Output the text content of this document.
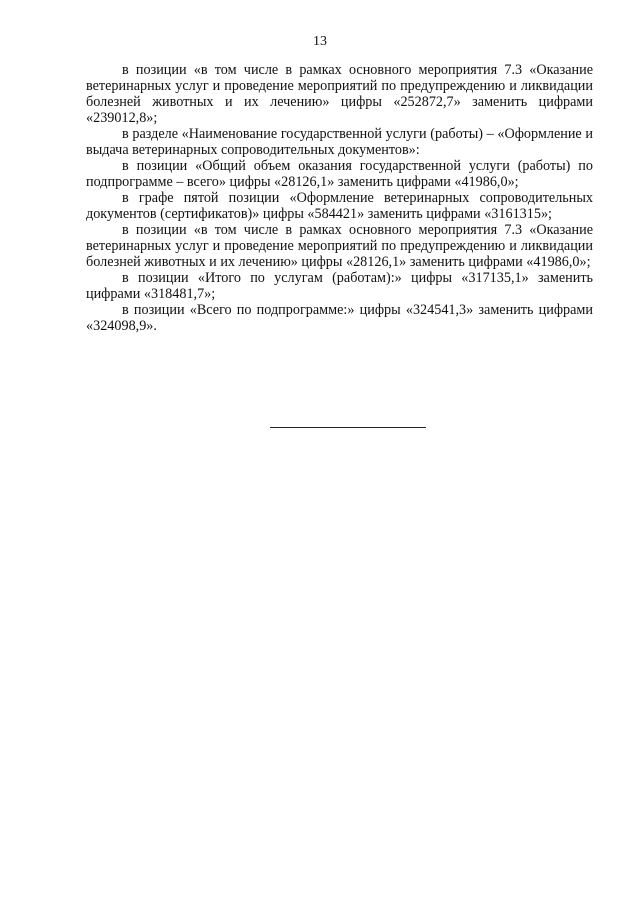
13

в позиции «в том числе в рамках основного мероприятия 7.3 «Оказание ветеринарных услуг и проведение мероприятий по предупреждению и ликвидации болезней животных и их лечению» цифры «252872,7» заменить цифрами «239012,8»;

в разделе «Наименование государственной услуги (работы) – «Оформление и выдача ветеринарных сопроводительных документов»:

в позиции «Общий объем оказания государственной услуги (работы) по подпрограмме – всего» цифры «28126,1» заменить цифрами «41986,0»;

в графе пятой позиции «Оформление ветеринарных сопроводительных документов (сертификатов)» цифры «584421» заменить цифрами «3161315»;

в позиции «в том числе в рамках основного мероприятия 7.3 «Оказание ветеринарных услуг и проведение мероприятий по предупреждению и ликвидации болезней животных и их лечению» цифры «28126,1» заменить цифрами «41986,0»;

в позиции «Итого по услугам (работам):» цифры «317135,1» заменить цифрами «318481,7»;

в позиции «Всего по подпрограмме:» цифры «324541,3» заменить цифрами «324098,9».
